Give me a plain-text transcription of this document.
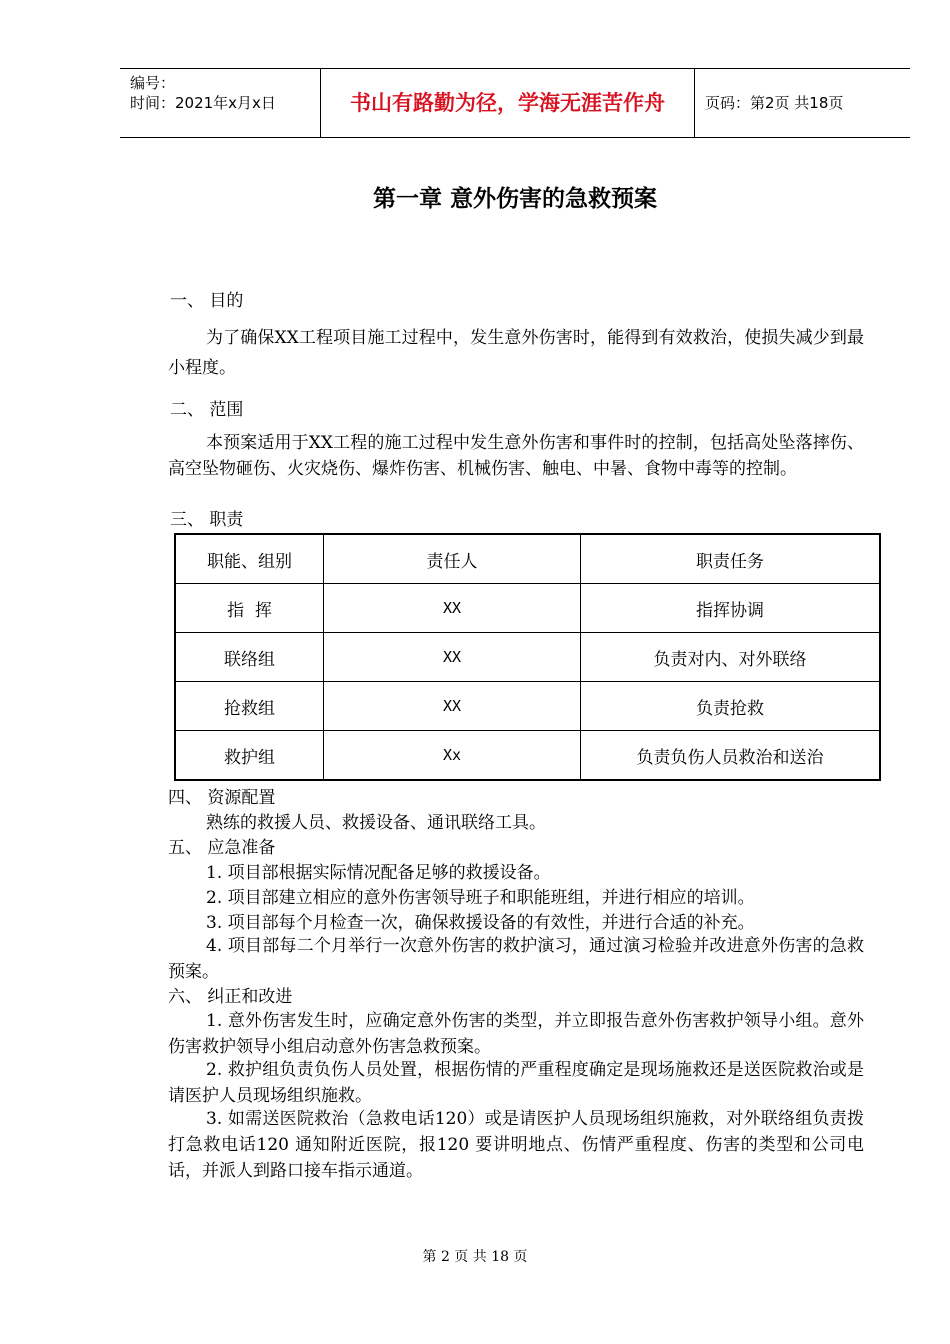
编号：
时间：2021年x月x日	书山有路勤为径，学海无涯苦作舟	页码：第2页 共18页
第一章 意外伤害的急救预案
一、 目的
为了确保XX工程项目施工过程中，发生意外伤害时，能得到有效救治，使损失减少到最小程度。
二、 范围
本预案适用于XX工程的施工过程中发生意外伤害和事件时的控制，包括高处坠落摔伤、高空坠物砸伤、火灾烧伤、爆炸伤害、机械伤害、触电、中暑、食物中毒等的控制。
三、 职责
职能、组别	责任人	职责任务
指  挥	XX	指挥协调
联络组	XX	负责对内、对外联络
抢救组	XX	负责抢救
救护组	Xx	负责负伤人员救治和送治
四、 资源配置
熟练的救援人员、救援设备、通讯联络工具。
五、 应急准备
1. 项目部根据实际情况配备足够的救援设备。
2. 项目部建立相应的意外伤害领导班子和职能班组，并进行相应的培训。
3. 项目部每个月检查一次，确保救援设备的有效性，并进行合适的补充。
4. 项目部每二个月举行一次意外伤害的救护演习，通过演习检验并改进意外伤害的急救预案。
六、 纠正和改进
1. 意外伤害发生时，应确定意外伤害的类型，并立即报告意外伤害救护领导小组。意外伤害救护领导小组启动意外伤害急救预案。
2. 救护组负责负伤人员处置，根据伤情的严重程度确定是现场施救还是送医院救治或是请医护人员现场组织施救。
3. 如需送医院救治（急救电话120）或是请医护人员现场组织施救，对外联络组负责拨打急救电话120 通知附近医院，报120 要讲明地点、伤情严重程度、伤害的类型和公司电话，并派人到路口接车指示通道。
第 2 页 共 18 页
